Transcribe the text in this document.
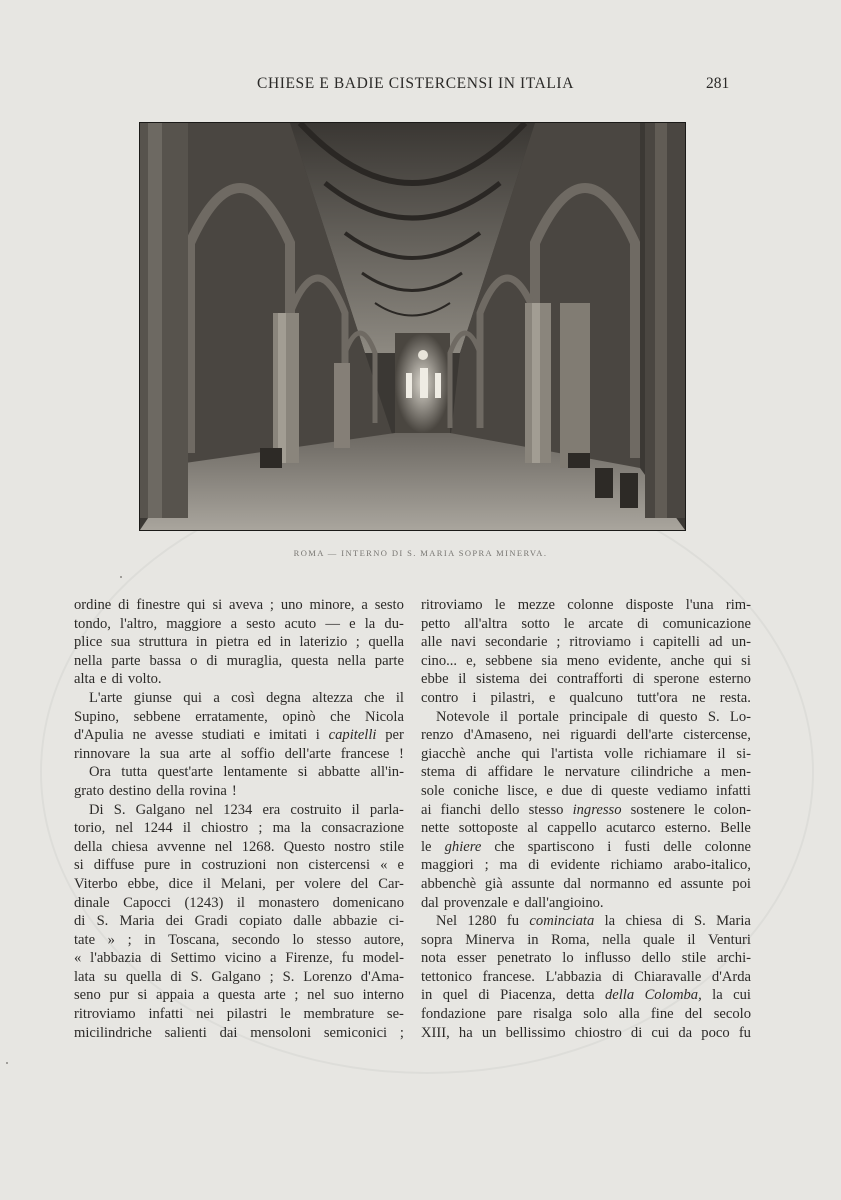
CHIESE E BADIE CISTERCENSI IN ITALIA	281
ROMA — INTERNO DI S. MARIA SOPRA MINERVA.
ordine di finestre qui si aveva ; uno minore, a sesto
tondo, l'altro, maggiore a sesto acuto — e la du-
plice sua struttura in pietra ed in laterizio ; quella
nella parte bassa o di muraglia, questa nella parte
alta e di volto.
L'arte giunse qui a così degna altezza che il
Supino, sebbene erratamente, opinò che Nicola
d'Apulia ne avesse studiati e imitati i capitelli per
rinnovare la sua arte al soffio dell'arte francese !
Ora tutta quest'arte lentamente si abbatte all'in-
grato destino della rovina !
Di S. Galgano nel 1234 era costruito il parla-
torio, nel 1244 il chiostro ; ma la consacrazione
della chiesa avvenne nel 1268. Questo nostro stile
si diffuse pure in costruzioni non cistercensi « e
Viterbo ebbe, dice il Melani, per volere del Car-
dinale Capocci (1243) il monastero domenicano
di S. Maria dei Gradi copiato dalle abbazie ci-
tate » ; in Toscana, secondo lo stesso autore,
« l'abbazia di Settimo vicino a Firenze, fu model-
lata su quella di S. Galgano ; S. Lorenzo d'Ama-
seno pur si appaia a questa arte ; nel suo interno
ritroviamo infatti nei pilastri le membrature se-
micilindriche salienti dai mensoloni semiconici ;
ritroviamo le mezze colonne disposte l'una rim-
petto all'altra sotto le arcate di comunicazione
alle navi secondarie ; ritroviamo i capitelli ad un-
cino... e, sebbene sia meno evidente, anche qui si
ebbe il sistema dei contrafforti di sperone esterno
contro i pilastri, e qualcuno tutt'ora ne resta.
Notevole il portale principale di questo S. Lo-
renzo d'Amaseno, nei riguardi dell'arte cistercense,
giacchè anche qui l'artista volle richiamare il si-
stema di affidare le nervature cilindriche a men-
sole coniche lisce, e due di queste vediamo infatti
ai fianchi dello stesso ingresso sostenere le colon-
nette sottoposte al cappello acutarco esterno. Belle
le ghiere che spartiscono i fusti delle colonne
maggiori ; ma di evidente richiamo arabo-italico,
abbenchè già assunte dal normanno ed assunte poi
dal provenzale e dall'angioino.
Nel 1280 fu cominciata la chiesa di S. Maria
sopra Minerva in Roma, nella quale il Venturi
nota esser penetrato lo influsso dello stile archi-
tettonico francese. L'abbazia di Chiaravalle d'Arda
in quel di Piacenza, detta della Colomba, la cui
fondazione pare risalga solo alla fine del secolo
XIII, ha un bellissimo chiostro di cui da poco fu
